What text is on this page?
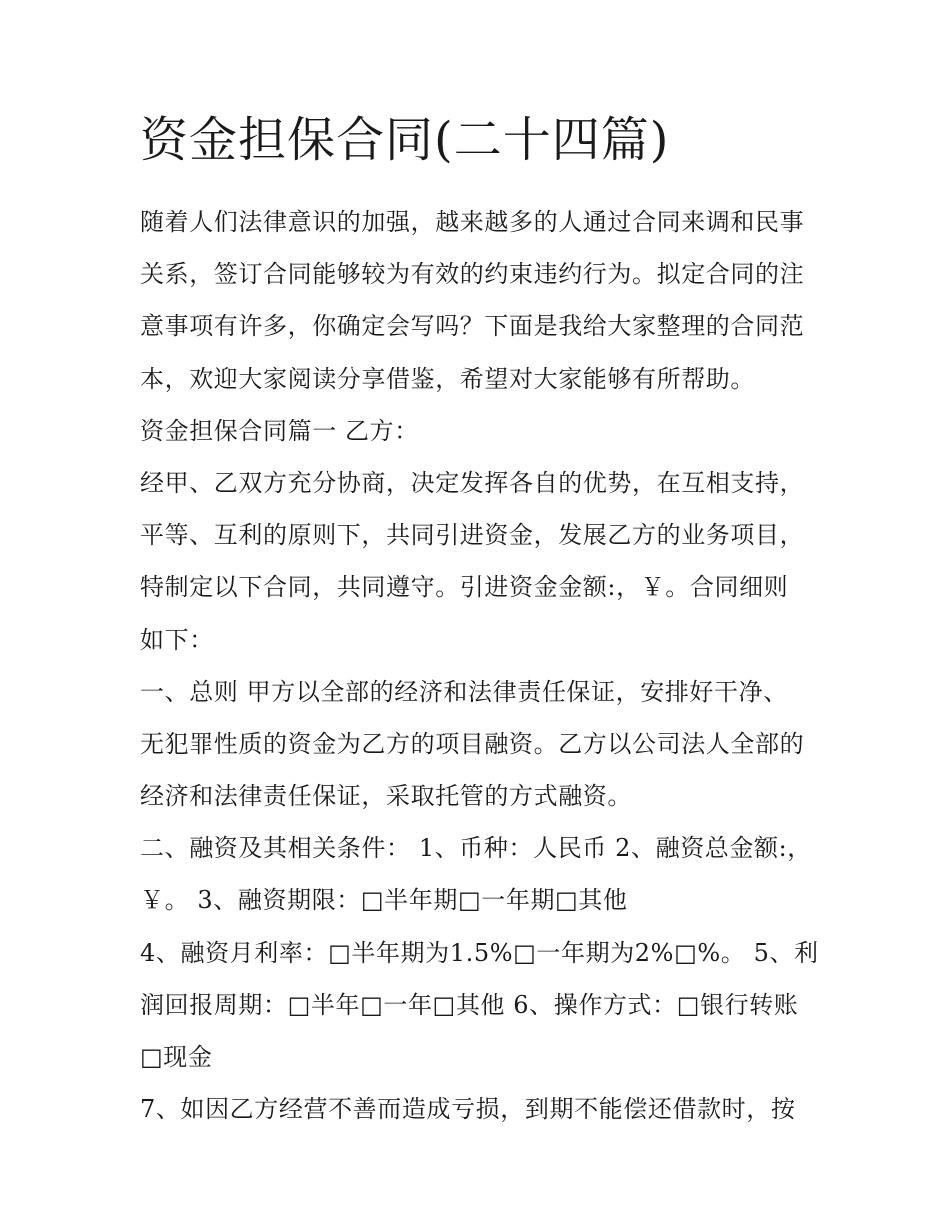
资金担保合同(二十四篇)
随着人们法律意识的加强，越来越多的人通过合同来调和民事
关系，签订合同能够较为有效的约束违约行为。拟定合同的注
意事项有许多，你确定会写吗？下面是我给大家整理的合同范
本，欢迎大家阅读分享借鉴，希望对大家能够有所帮助。
资金担保合同篇一 乙方：
经甲、乙双方充分协商，决定发挥各自的优势，在互相支持，
平等、互利的原则下，共同引进资金，发展乙方的业务项目，
特制定以下合同，共同遵守。引进资金金额:，￥。合同细则
如下：
一、总则 甲方以全部的经济和法律责任保证，安排好干净、
无犯罪性质的资金为乙方的项目融资。乙方以公司法人全部的
经济和法律责任保证，采取托管的方式融资。
二、融资及其相关条件： 1、币种：人民币 2、融资总金额:，
￥。 3、融资期限：□半年期□一年期□其他
4、融资月利率：□半年期为1.5%□一年期为2%□%。 5、利
润回报周期：□半年□一年□其他 6、操作方式：□银行转账
□现金
7、如因乙方经营不善而造成亏损，到期不能偿还借款时，按
